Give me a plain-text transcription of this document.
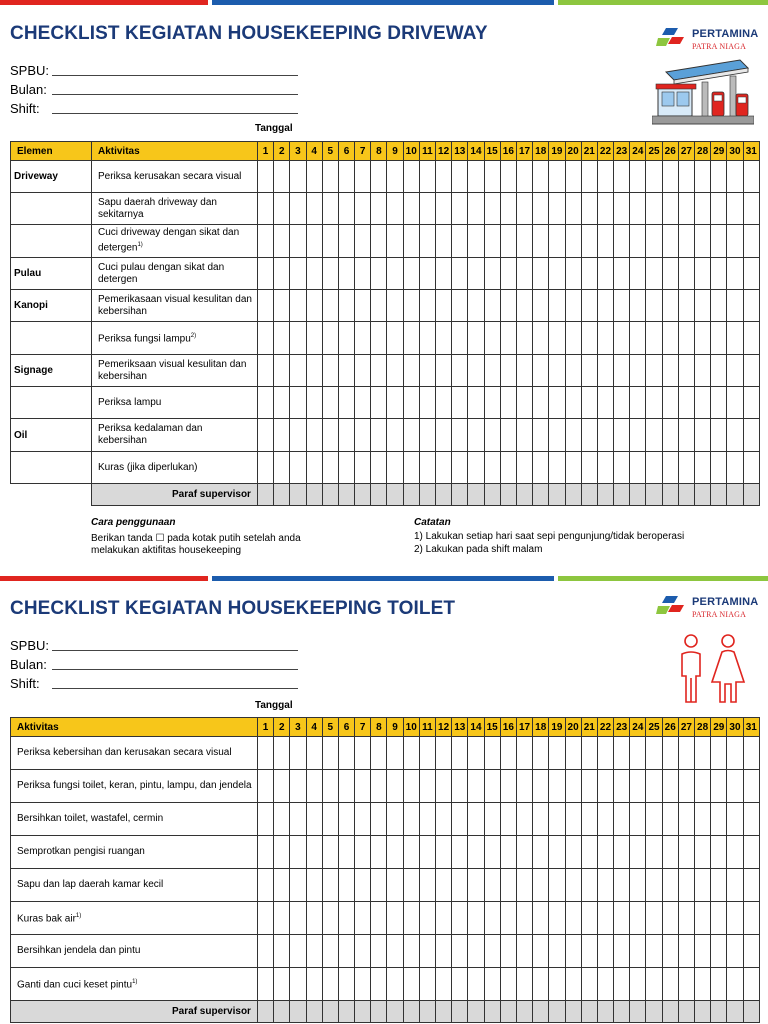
CHECKLIST KEGIATAN HOUSEKEEPING DRIVEWAY	PERTAMINA
PATRA NIAGA
SPBU:
Bulan:
Shift:
Tanggal
Elemen	Aktivitas	1	2	3	4	5	6	7	8	9	10	11	12	13	14	15	16	17	18	19	20	21	22	23	24	25	26	27	28	29	30	31
Driveway	Periksa kerusakan secara visual																															
	Sapu daerah driveway dan sekitarnya																															
	Cuci driveway dengan sikat dan detergen$^{1)}$																															
Pulau	Cuci pulau dengan sikat dan detergen																															
Kanopi	Pemerikasaan visual kesulitan dan kebersihan																															
	Periksa fungsi lampu$^{2)}$																															
Signage	Pemeriksaan visual kesulitan dan kebersihan																															
	Periksa lampu																															
Oil	Periksa kedalaman dan kebersihan																															
	Kuras (jika diperlukan)																															
	Paraf supervisor																															
Cara penggunaan
Berikan tanda ☐ pada kotak putih setelah anda melakukan aktifitas housekeeping
Catatan
1) Lakukan setiap hari saat sepi pengunjung/tidak beroperasi
2) Lakukan pada shift malam
CHECKLIST KEGIATAN HOUSEKEEPING TOILET	PERTAMINA
PATRA NIAGA
SPBU:
Bulan:
Shift:
Tanggal
Aktivitas	1	2	3	4	5	6	7	8	9	10	11	12	13	14	15	16	17	18	19	20	21	22	23	24	25	26	27	28	29	30	31
Periksa kebersihan dan kerusakan secara visual																															
Periksa fungsi toilet, keran, pintu, lampu, dan jendela																															
Bersihkan toilet, wastafel, cermin																															
Semprotkan pengisi ruangan																															
Sapu dan lap daerah kamar kecil																															
Kuras bak air$^{1)}$																															
Bersihkan jendela dan pintu																															
Ganti dan cuci keset pintu$^{1)}$																															
Paraf supervisor																															
